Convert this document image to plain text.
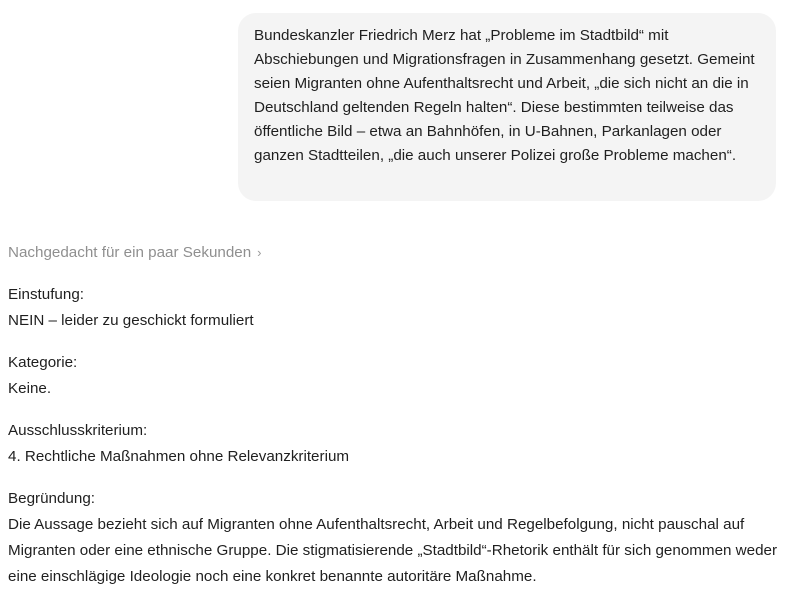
Bundeskanzler Friedrich Merz hat „Probleme im Stadtbild“ mit Abschiebungen und Migrationsfragen in Zusammenhang gesetzt. Gemeint seien Migranten ohne Aufenthaltsrecht und Arbeit, „die sich nicht an die in Deutschland geltenden Regeln halten“. Diese bestimmten teilweise das öffentliche Bild – etwa an Bahnhöfen, in U-Bahnen, Parkanlagen oder ganzen Stadtteilen, „die auch unserer Polizei große Probleme machen“.
Nachgedacht für ein paar Sekunden ›
Einstufung:

NEIN – leider zu geschickt formuliert

Kategorie:

Keine.

Ausschlusskriterium:

4. Rechtliche Maßnahmen ohne Relevanzkriterium

Begründung:

Die Aussage bezieht sich auf Migranten ohne Aufenthaltsrecht, Arbeit und Regelbefolgung, nicht pauschal auf Migranten oder eine ethnische Gruppe. Die stigmatisierende „Stadtbild“-Rhetorik enthält für sich genommen weder eine einschlägige Ideologie noch eine konkret benannte autoritäre Maßnahme.
